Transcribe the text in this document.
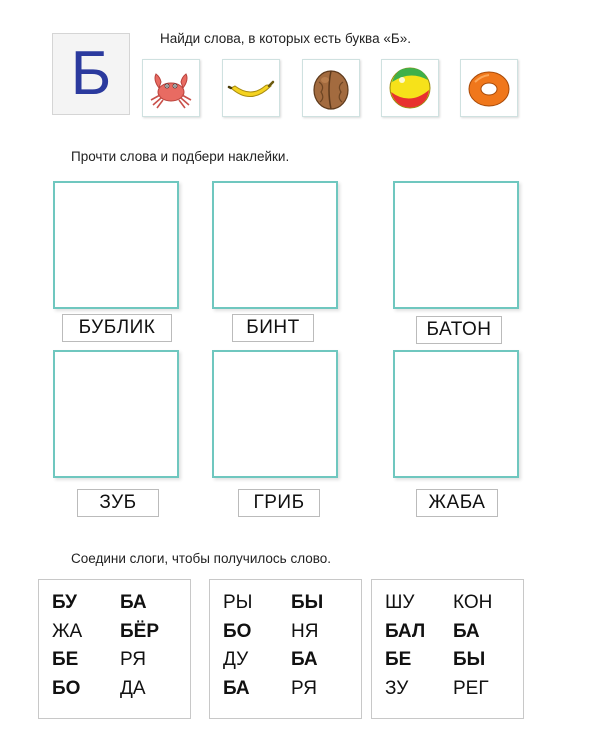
Б
Найди слова, в которых есть буква «Б».
Прочти слова и подбери наклейки.
БУБЛИК	БИНТ	БАТОН
ЗУБ	ГРИБ	ЖАБА
Соедини слоги, чтобы получилось слово.
БУ	БА
ЖА	БЁР
БЕ	РЯ
БО	ДА
РЫ	БЫ
БО	НЯ
ДУ	БА
БА	РЯ
ШУ	КОН
БАЛ	БА
БЕ	БЫ
ЗУ	РЕГ
